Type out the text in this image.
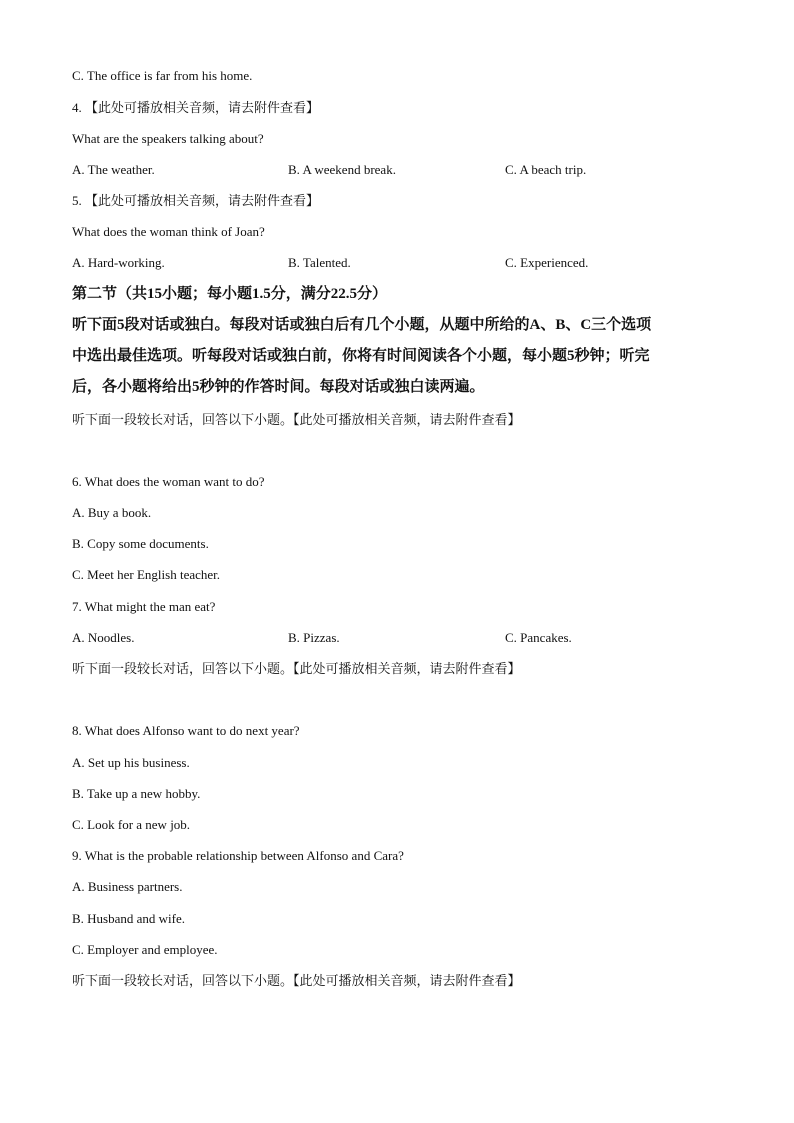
C. The office is far from his home.
4. 【此处可播放相关音频，请去附件查看】
What are the speakers talking about?
A. The weather.	B. A weekend break.	C. A beach trip.
5. 【此处可播放相关音频，请去附件查看】
What does the woman think of Joan?
A. Hard-working.	B. Talented.	C. Experienced.
第二节（共15小题；每小题1.5分，满分22.5分）
听下面5段对话或独白。每段对话或独白后有几个小题，从题中所给的A、B、C三个选项
中选出最佳选项。听每段对话或独白前，你将有时间阅读各个小题，每小题5秒钟；听完
后，各小题将给出5秒钟的作答时间。每段对话或独白读两遍。
听下面一段较长对话，回答以下小题。【此处可播放相关音频，请去附件查看】
6. What does the woman want to do?
A. Buy a book.
B. Copy some documents.
C. Meet her English teacher.
7. What might the man eat?
A. Noodles.	B. Pizzas.	C. Pancakes.
听下面一段较长对话，回答以下小题。【此处可播放相关音频，请去附件查看】
8. What does Alfonso want to do next year?
A. Set up his business.
B. Take up a new hobby.
C. Look for a new job.
9. What is the probable relationship between Alfonso and Cara?
A. Business partners.
B. Husband and wife.
C. Employer and employee.
听下面一段较长对话，回答以下小题。【此处可播放相关音频，请去附件查看】
